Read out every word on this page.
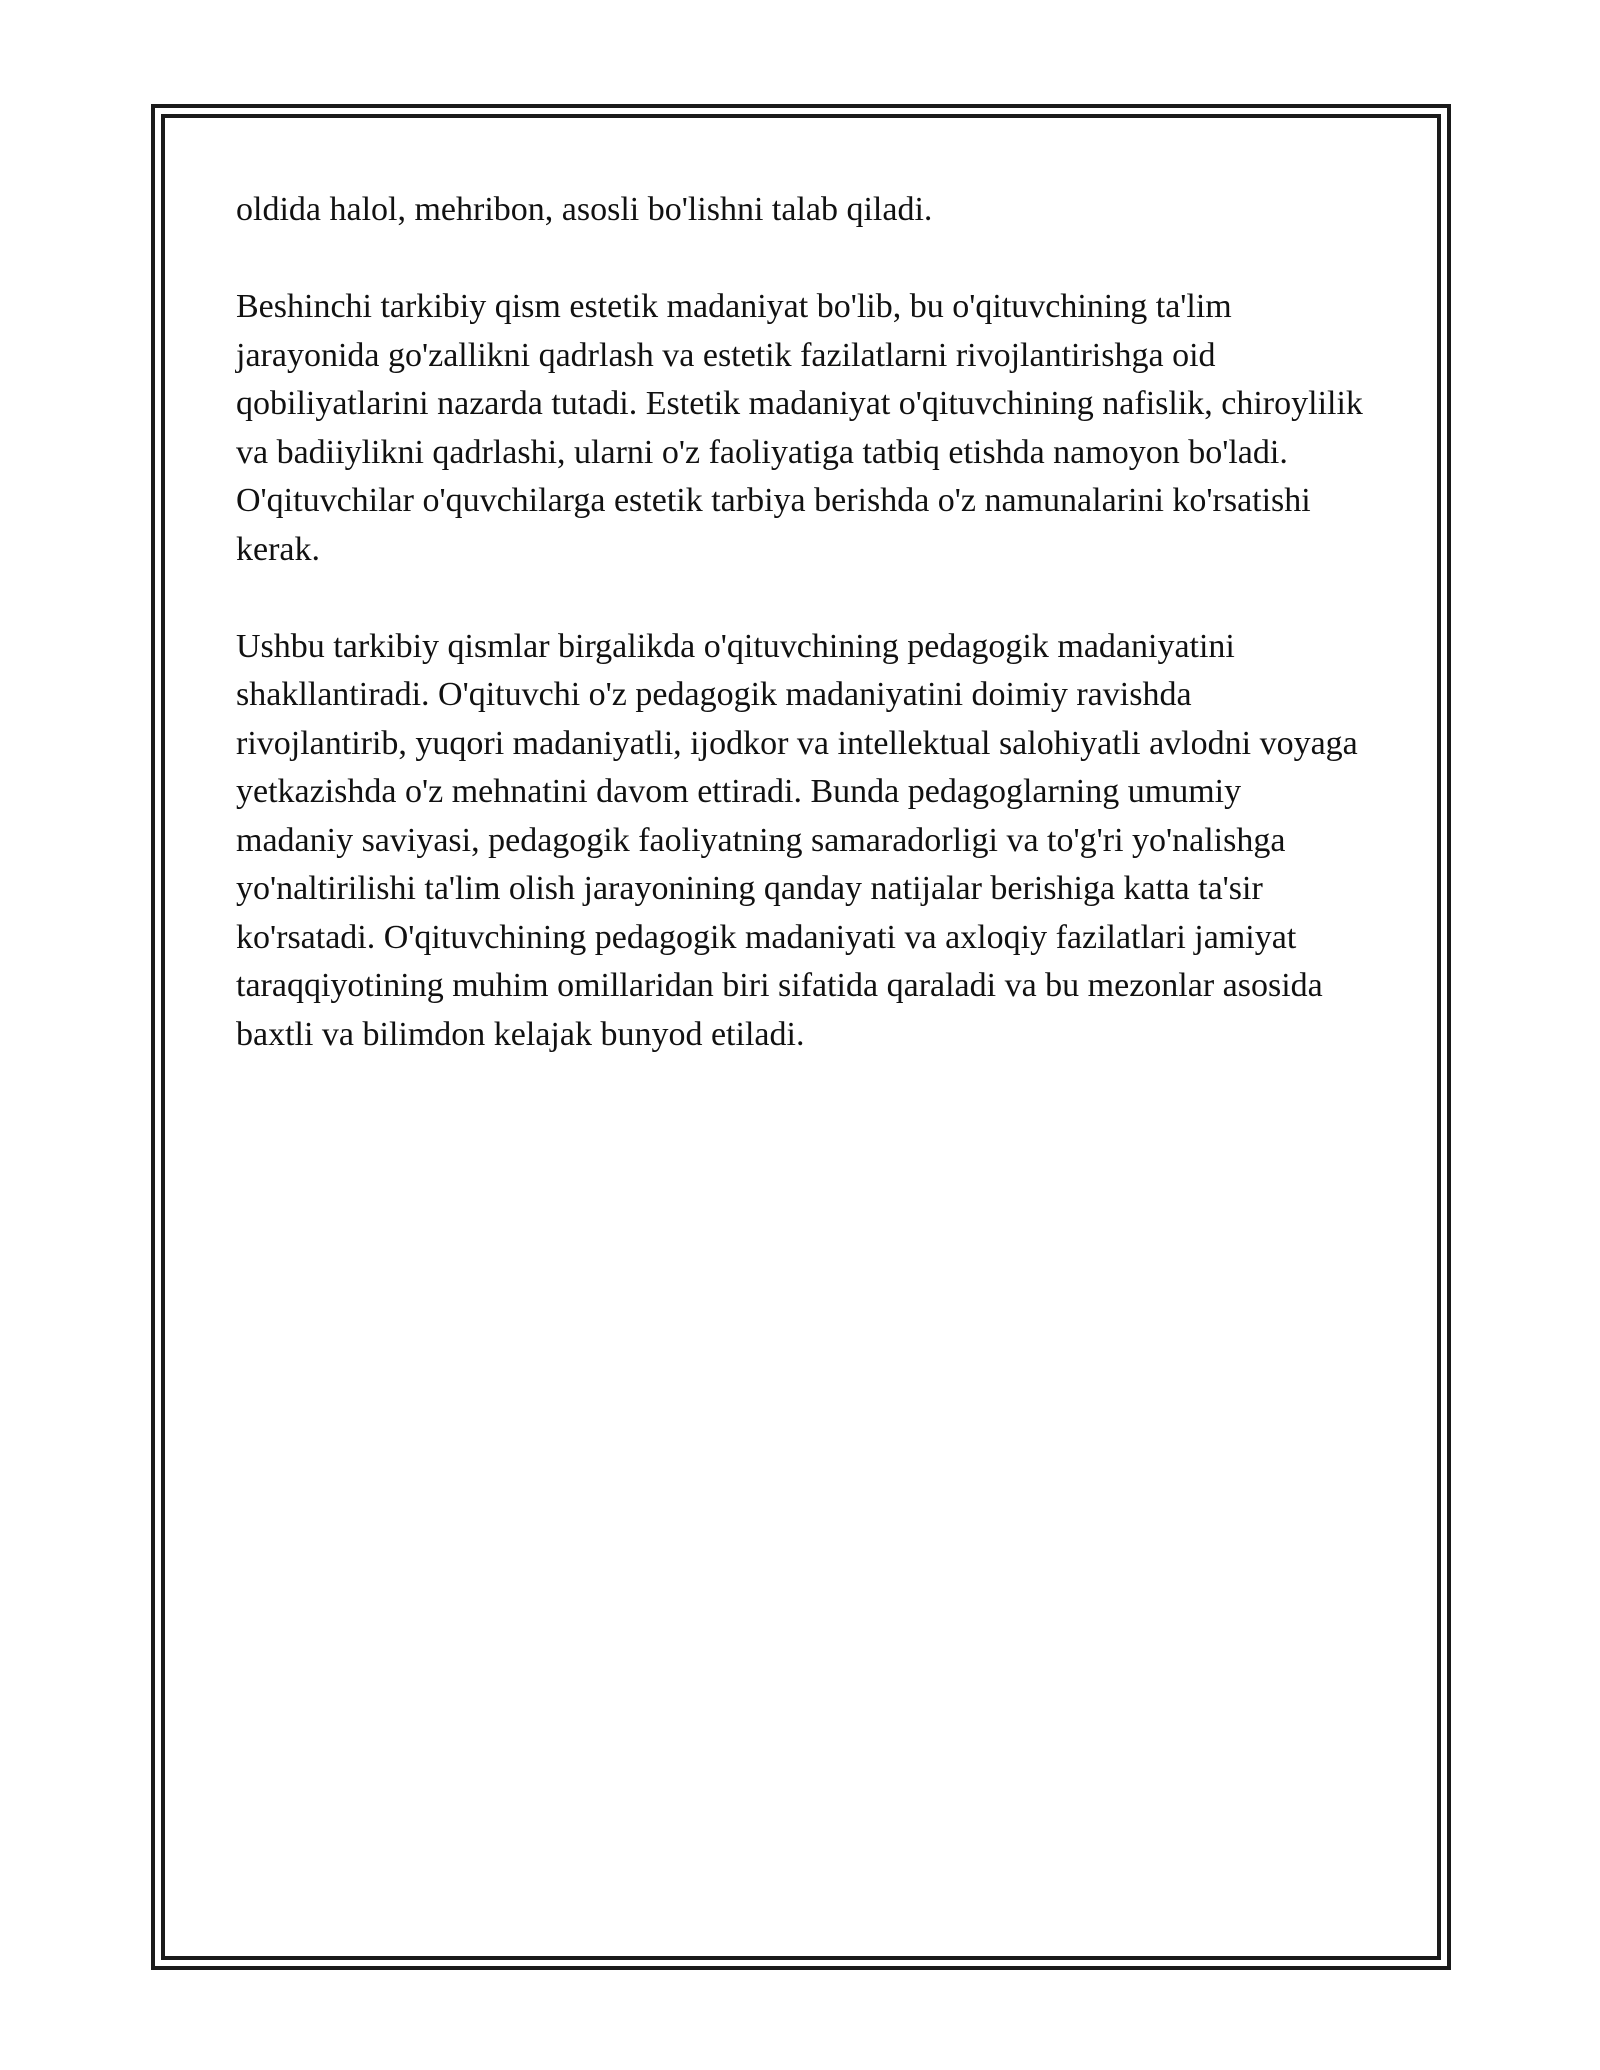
oldida halol, mehribon, asosli bo'lishni talab qiladi.

Beshinchi tarkibiy qism estetik madaniyat bo'lib, bu o'qituvchining ta'lim jarayonida go'zallikni qadrlash va estetik fazilatlarni rivojlantirishga oid qobiliyatlarini nazarda tutadi. Estetik madaniyat o'qituvchining nafislik, chiroylilik va badiiylikni qadrlashi, ularni o'z faoliyatiga tatbiq etishda namoyon bo'ladi. O'qituvchilar o'quvchilarga estetik tarbiya berishda o'z namunalarini ko'rsatishi kerak.

Ushbu tarkibiy qismlar birgalikda o'qituvchining pedagogik madaniyatini shakllantiradi. O'qituvchi o'z pedagogik madaniyatini doimiy ravishda rivojlantirib, yuqori madaniyatli, ijodkor va intellektual salohiyatli avlodni voyaga yetkazishda o'z mehnatini davom ettiradi. Bunda pedagoglarning umumiy madaniy saviyasi, pedagogik faoliyatning samaradorligi va to'g'ri yo'nalishga yo'naltirilishi ta'lim olish jarayonining qanday natijalar berishiga katta ta'sir ko'rsatadi. O'qituvchining pedagogik madaniyati va axloqiy fazilatlari jamiyat taraqqiyotining muhim omillaridan biri sifatida qaraladi va bu mezonlar asosida baxtli va bilimdon kelajak bunyod etiladi.
